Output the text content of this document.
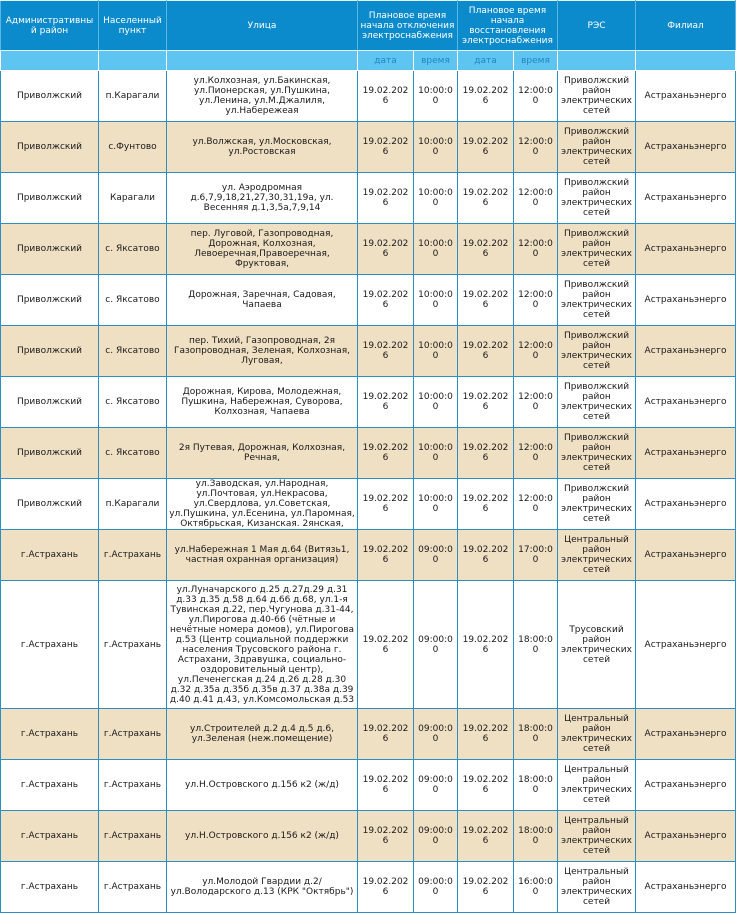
Административный район	Населенный пункт	Улица	Плановое время начала отключения электроснабжения		Плановое время начала восстановления электроснабжения		РЭС	Филиал
			дата	время	дата	время		
Приволжский	п.Карагали	ул.Колхозная, ул.Бакинская, ул.Пионерская, ул.Пушкина, ул.Ленина, ул.М.Джалиля, ул.Набережеая	19.02.2026	10:00:00	19.02.2026	12:00:00	Приволжский район электрических сетей	Астраханьэнерго
Приволжский	с.Фунтово	ул.Волжская, ул.Московская, ул.Ростовская	19.02.2026	10:00:00	19.02.2026	12:00:00	Приволжский район электрических сетей	Астраханьэнерго
Приволжский	Карагали	ул. Аэродромная д.6,7,9,18,21,27,30,31,19а, ул. Весенняя д.1,3,5а,7,9,14	19.02.2026	10:00:00	19.02.2026	12:00:00	Приволжский район электрических сетей	Астраханьэнерго
Приволжский	с. Яксатово	пер. Луговой, Газопроводная, Дорожная, Колхозная, Левоеречная,Правоеречная, Фруктовая,	19.02.2026	10:00:00	19.02.2026	12:00:00	Приволжский район электрических сетей	Астраханьэнерго
Приволжский	с. Яксатово	Дорожная, Заречная, Садовая, Чапаева	19.02.2026	10:00:00	19.02.2026	12:00:00	Приволжский район электрических сетей	Астраханьэнерго
Приволжский	с. Яксатово	пер. Тихий, Газопроводная, 2я Газопроводная, Зеленая, Колхозная, Луговая,	19.02.2026	10:00:00	19.02.2026	12:00:00	Приволжский район электрических сетей	Астраханьэнерго
Приволжский	с. Яксатово	Дорожная, Кирова, Молодежная, Пушкина, Набережная, Суворова, Колхозная, Чапаева	19.02.2026	10:00:00	19.02.2026	12:00:00	Приволжский район электрических сетей	Астраханьэнерго
Приволжский	с. Яксатово	2я Путевая, Дорожная, Колхозная, Речная,	19.02.2026	10:00:00	19.02.2026	12:00:00	Приволжский район электрических сетей	Астраханьэнерго
Приволжский	п.Карагали	ул.Заводская, ул.Народная, ул.Почтовая, ул.Некрасова, ул.Свердлова, ул.Советская, ул.Пушкина, ул.Есенина, ул.Паромная, Октябрьская, Кизанская. 2янская,	19.02.2026	10:00:00	19.02.2026	12:00:00	Приволжский район электрических сетей	Астраханьэнерго
г.Астрахань	г.Астрахань	ул.Набережная 1 Мая д.64 (Витязь1, частная охранная организация)	19.02.2026	09:00:00	19.02.2026	17:00:00	Центральный район электрических сетей	Астраханьэнерго
г.Астрахань	г.Астрахань	ул.Луначарского д.25 д.27д.29 д.31 д.33 д.35 д.58 д.64 д.66 д.68, ул.1-я Тувинская д.22, пер.Чугунова д.31-44, ул.Пирогова д.40-66 (чётные и нечётные номера домов), ул.Пирогова д.53 (Центр социальной поддержки населения Трусовского района г. Астрахани, Здравушка, социально-оздоровительный центр), ул.Печенегская д.24 д.26 д.28 д.30 д.32 д.35а д.35б д.35в д.37 д.38а д.39 д.40 д.41 д.43, ул.Комсомольская д.53	19.02.2026	09:00:00	19.02.2026	18:00:00	Трусовский район электрических сетей	Астраханьэнерго
г.Астрахань	г.Астрахань	ул.Строителей д.2 д.4 д.5 д.6, ул.Зеленая (неж.помещение)	19.02.2026	09:00:00	19.02.2026	18:00:00	Центральный район электрических сетей	Астраханьэнерго
г.Астрахань	г.Астрахань	ул.Н.Островского д.156 к2 (ж/д)	19.02.2026	09:00:00	19.02.2026	18:00:00	Центральный район электрических сетей	Астраханьэнерго
г.Астрахань	г.Астрахань	ул.Н.Островского д.156 к2 (ж/д)	19.02.2026	09:00:00	19.02.2026	18:00:00	Центральный район электрических сетей	Астраханьэнерго
г.Астрахань	г.Астрахань	ул.Молодой Гвардии д.2/ ул.Володарского д.13 (КРК "Октябрь")	19.02.2026	09:00:00	19.02.2026	16:00:00	Центральный район электрических сетей	Астраханьэнерго
